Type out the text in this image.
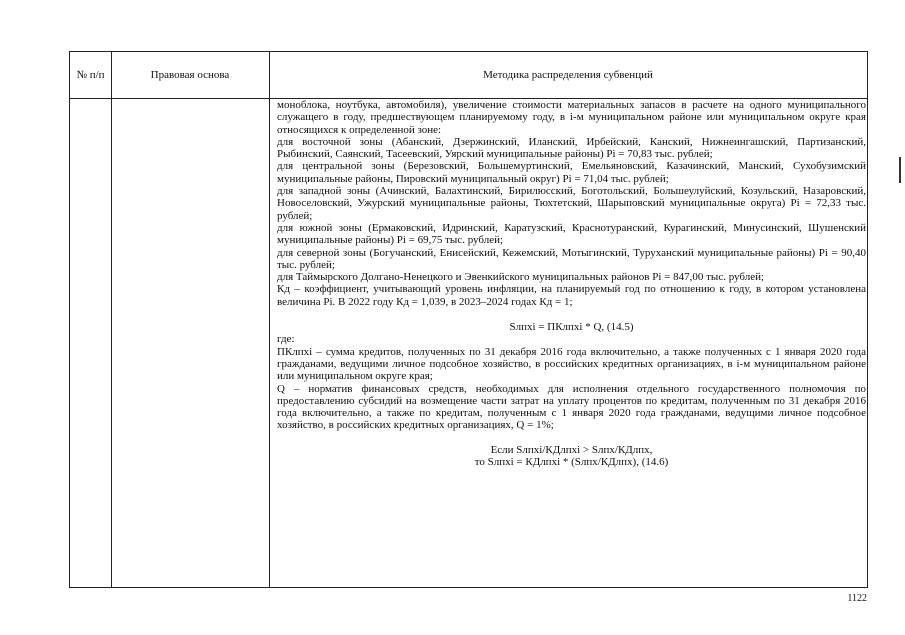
№ п/п	Правовая основа	Методика распределения субвенций

моноблока, ноутбука, автомобиля), увеличение стоимости материальных запасов в расчете на одного муниципального служащего в году, предшествующем планируемому году, в i-м муниципальном районе или муниципальном округе края относящихся к определенной зоне:

для восточной зоны (Абанский, Дзержинский, Иланский, Ирбейский, Канский, Нижнеингашский, Партизанский, Рыбинский, Саянский, Тасеевский, Уярский муниципальные районы) Pi = 70,83 тыс. рублей;

для центральной зоны (Березовский, Большемуртинский, Емельяновский, Казачинский, Манский, Сухобузимский муниципальные районы, Пировский муниципальный округ) Pi = 71,04 тыс. рублей;

для западной зоны (Ачинский, Балахтинский, Бирилюсский, Боготольский, Большеулуйский, Козульский, Назаровский, Новоселовский, Ужурский муниципальные районы, Тюхтетский, Шарыповский муниципальные округа) Pi = 72,33 тыс. рублей;

для южной зоны (Ермаковский, Идринский, Каратузский, Краснотуранский, Курагинский, Минусинский, Шушенский муниципальные районы) Pi = 69,75 тыс. рублей;

для северной зоны (Богучанский, Енисейский, Кежемский, Мотыгинский, Туруханский муниципальные районы) Pi = 90,40 тыс. рублей;

для Таймырского Долгано-Ненецкого и Эвенкийского муниципальных районов Pi = 847,00 тыс. рублей;

Кд – коэффициент, учитывающий уровень инфляции, на планируемый год по отношению к году, в котором установлена величина Pi. В 2022 году Кд = 1,039, в 2023–2024 годах Кд = 1;

Sлпхi = ПКлпхi * Q, (14.5)

где:

ПКлпхi – сумма кредитов, полученных по 31 декабря 2016 года включительно, а также полученных с 1 января 2020 года гражданами, ведущими личное подсобное хозяйство, в российских кредитных организациях, в i-м муниципальном районе или муниципальном округе края;

Q – норматив финансовых средств, необходимых для исполнения отдельного государственного полномочия по предоставлению субсидий на возмещение части затрат на уплату процентов по кредитам, полученным по 31 декабря 2016 года включительно, а также по кредитам, полученным с 1 января 2020 года гражданами, ведущими личное подсобное хозяйство, в российских кредитных организациях, Q = 1%;

Если Sлпхi/КДлпхi > Sлпх/КДлпх,

то Sлпхi = КДлпхi * (Sлпх/КДлпх), (14.6)

1122
